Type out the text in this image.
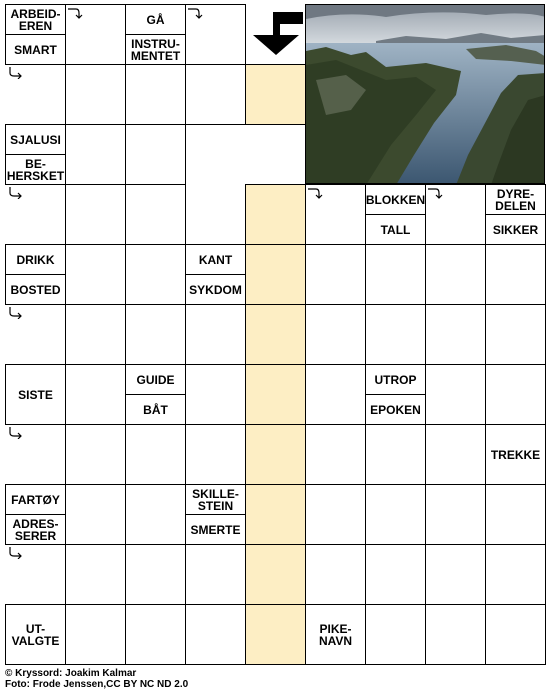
ARBEID-
EREN
SMART
GÅ
INSTRU-
MENTET
SJALUSI
BE-
HERSKET
BLOKKEN
TALL
DYRE-
DELEN
SIKKER
DRIKK
BOSTED
KANT
SYKDOM
SISTE
GUIDE
BÅT
UTROP
EPOKEN
TREKKE
FARTØY
ADRES-
SERER
SKILLE-
STEIN
SMERTE
UT-
VALGTE
PIKE-
NAVN
© Kryssord: Joakim Kalmar
Foto: Frode Jenssen,CC BY NC ND 2.0
